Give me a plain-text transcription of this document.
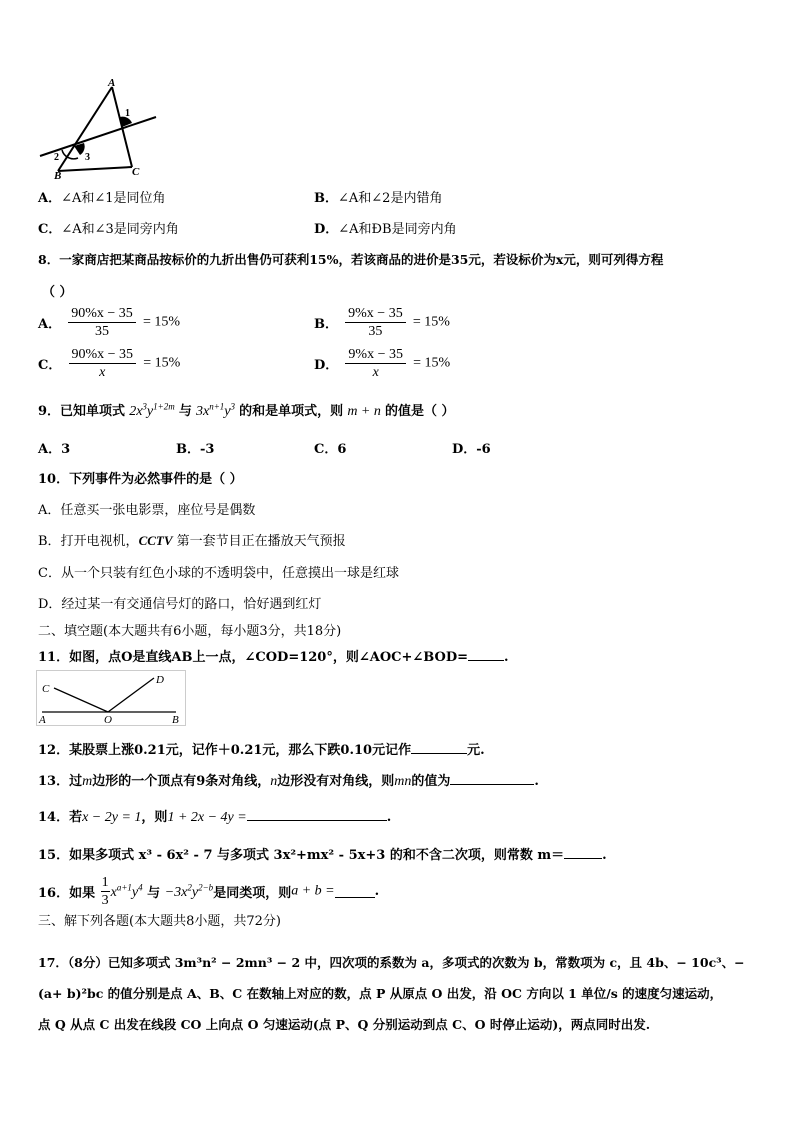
A
1
2	3
B	C
A．∠A和∠1是同位角	B．∠A和∠2是内错角
C．∠A和∠3是同旁内角	D．∠A和ÐB是同旁内角
8．一家商店把某商品按标价的九折出售仍可获利15%，若该商品的进价是35元，若设标价为x元，则可列得方程
（ ）
A． $\frac{90\%x - 35}{35} = 15\%$	B． $\frac{9\%x - 35}{35} = 15\%$
C． $\frac{90\%x - 35}{x} = 15\%$	D． $\frac{9\%x - 35}{x} = 15\%$
9．已知单项式 $2x^3y^{1+2m}$ 与 $3x^{n+1}y^3$ 的和是单项式，则 m + n 的值是（ ）
A．3	B．-3	C．6	D．-6
10．下列事件为必然事件的是（ ）
A．任意买一张电影票，座位号是偶数
B．打开电视机，CCTV 第一套节目正在播放天气预报
C．从一个只装有红色小球的不透明袋中，任意摸出一球是红球
D．经过某一有交通信号灯的路口，恰好遇到红灯
二、填空题(本大题共有6小题，每小题3分，共18分)
11．如图，点O是直线AB上一点，∠COD=120°，则∠AOC+∠BOD=	.
C
D
A	O	B
12．某股票上涨0.21元，记作＋0.21元，那么下跌0.10元记作	元.
13．过m边形的一个顶点有9条对角线，n边形没有对角线，则mn的值为	.
14．若x − 2y = 1，则1 + 2x − 4y =	.
15．如果多项式 x³ - 6x² - 7 与多项式 3x²+mx² - 5x+3 的和不含二次项，则常数 m＝	.
16．如果 $\frac{1}{3} x^{a+1}y^4$ 与 $-3x^2y^{2-b}$是同类项，则a + b =	.
三、解下列各题(本大题共8小题，共72分)
17．（8分）已知多项式 3m³n² − 2mn³ − 2 中，四次项的系数为 a，多项式的次数为 b，常数项为 c，且 4b、− 10c³、−
(a+ b)²bc 的值分别是点 A、B、C 在数轴上对应的数，点 P 从原点 O 出发，沿 OC 方向以 1 单位/s 的速度匀速运动，
点 Q 从点 C 出发在线段 CO 上向点 O 匀速运动(点 P、Q 分别运动到点 C、O 时停止运动)，两点同时出发.
